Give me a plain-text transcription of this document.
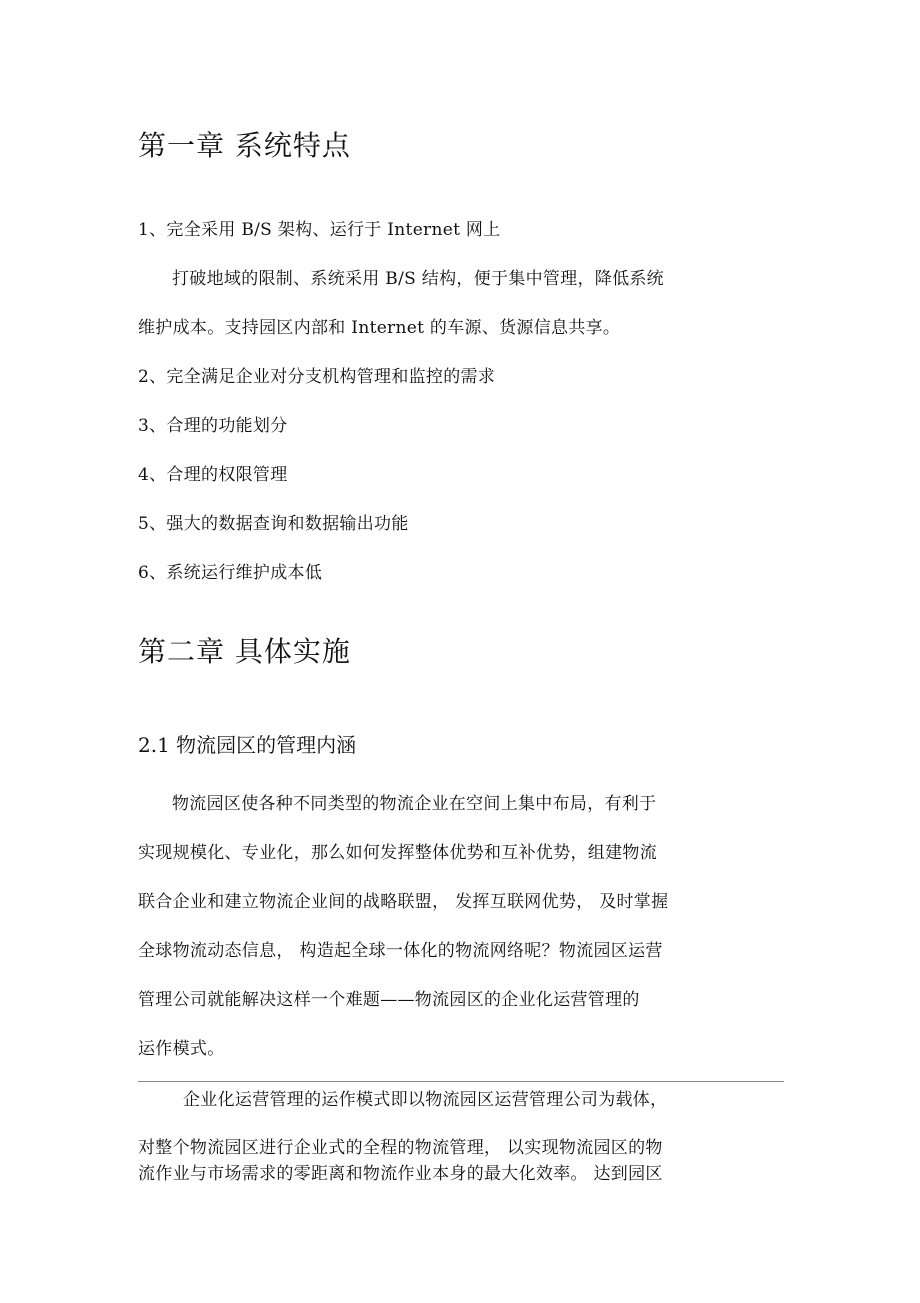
第一章 系统特点
1、完全采用 B/S 架构、运行于 Internet 网上
打破地域的限制、系统采用 B/S 结构，便于集中管理，降低系统
维护成本。支持园区内部和 Internet 的车源、货源信息共享。
2、完全满足企业对分支机构管理和监控的需求
3、合理的功能划分
4、合理的权限管理
5、强大的数据查询和数据输出功能
6、系统运行维护成本低
第二章 具体实施
2.1 物流园区的管理内涵
物流园区使各种不同类型的物流企业在空间上集中布局，有利于
实现规模化、专业化，那么如何发挥整体优势和互补优势，组建物流
联合企业和建立物流企业间的战略联盟， 发挥互联网优势， 及时掌握
全球物流动态信息， 构造起全球一体化的物流网络呢？物流园区运营
管理公司就能解决这样一个难题——物流园区的企业化运营管理的
运作模式。
企业化运营管理的运作模式即以物流园区运营管理公司为载体，
对整个物流园区进行企业式的全程的物流管理， 以实现物流园区的物
流作业与市场需求的零距离和物流作业本身的最大化效率。 达到园区
